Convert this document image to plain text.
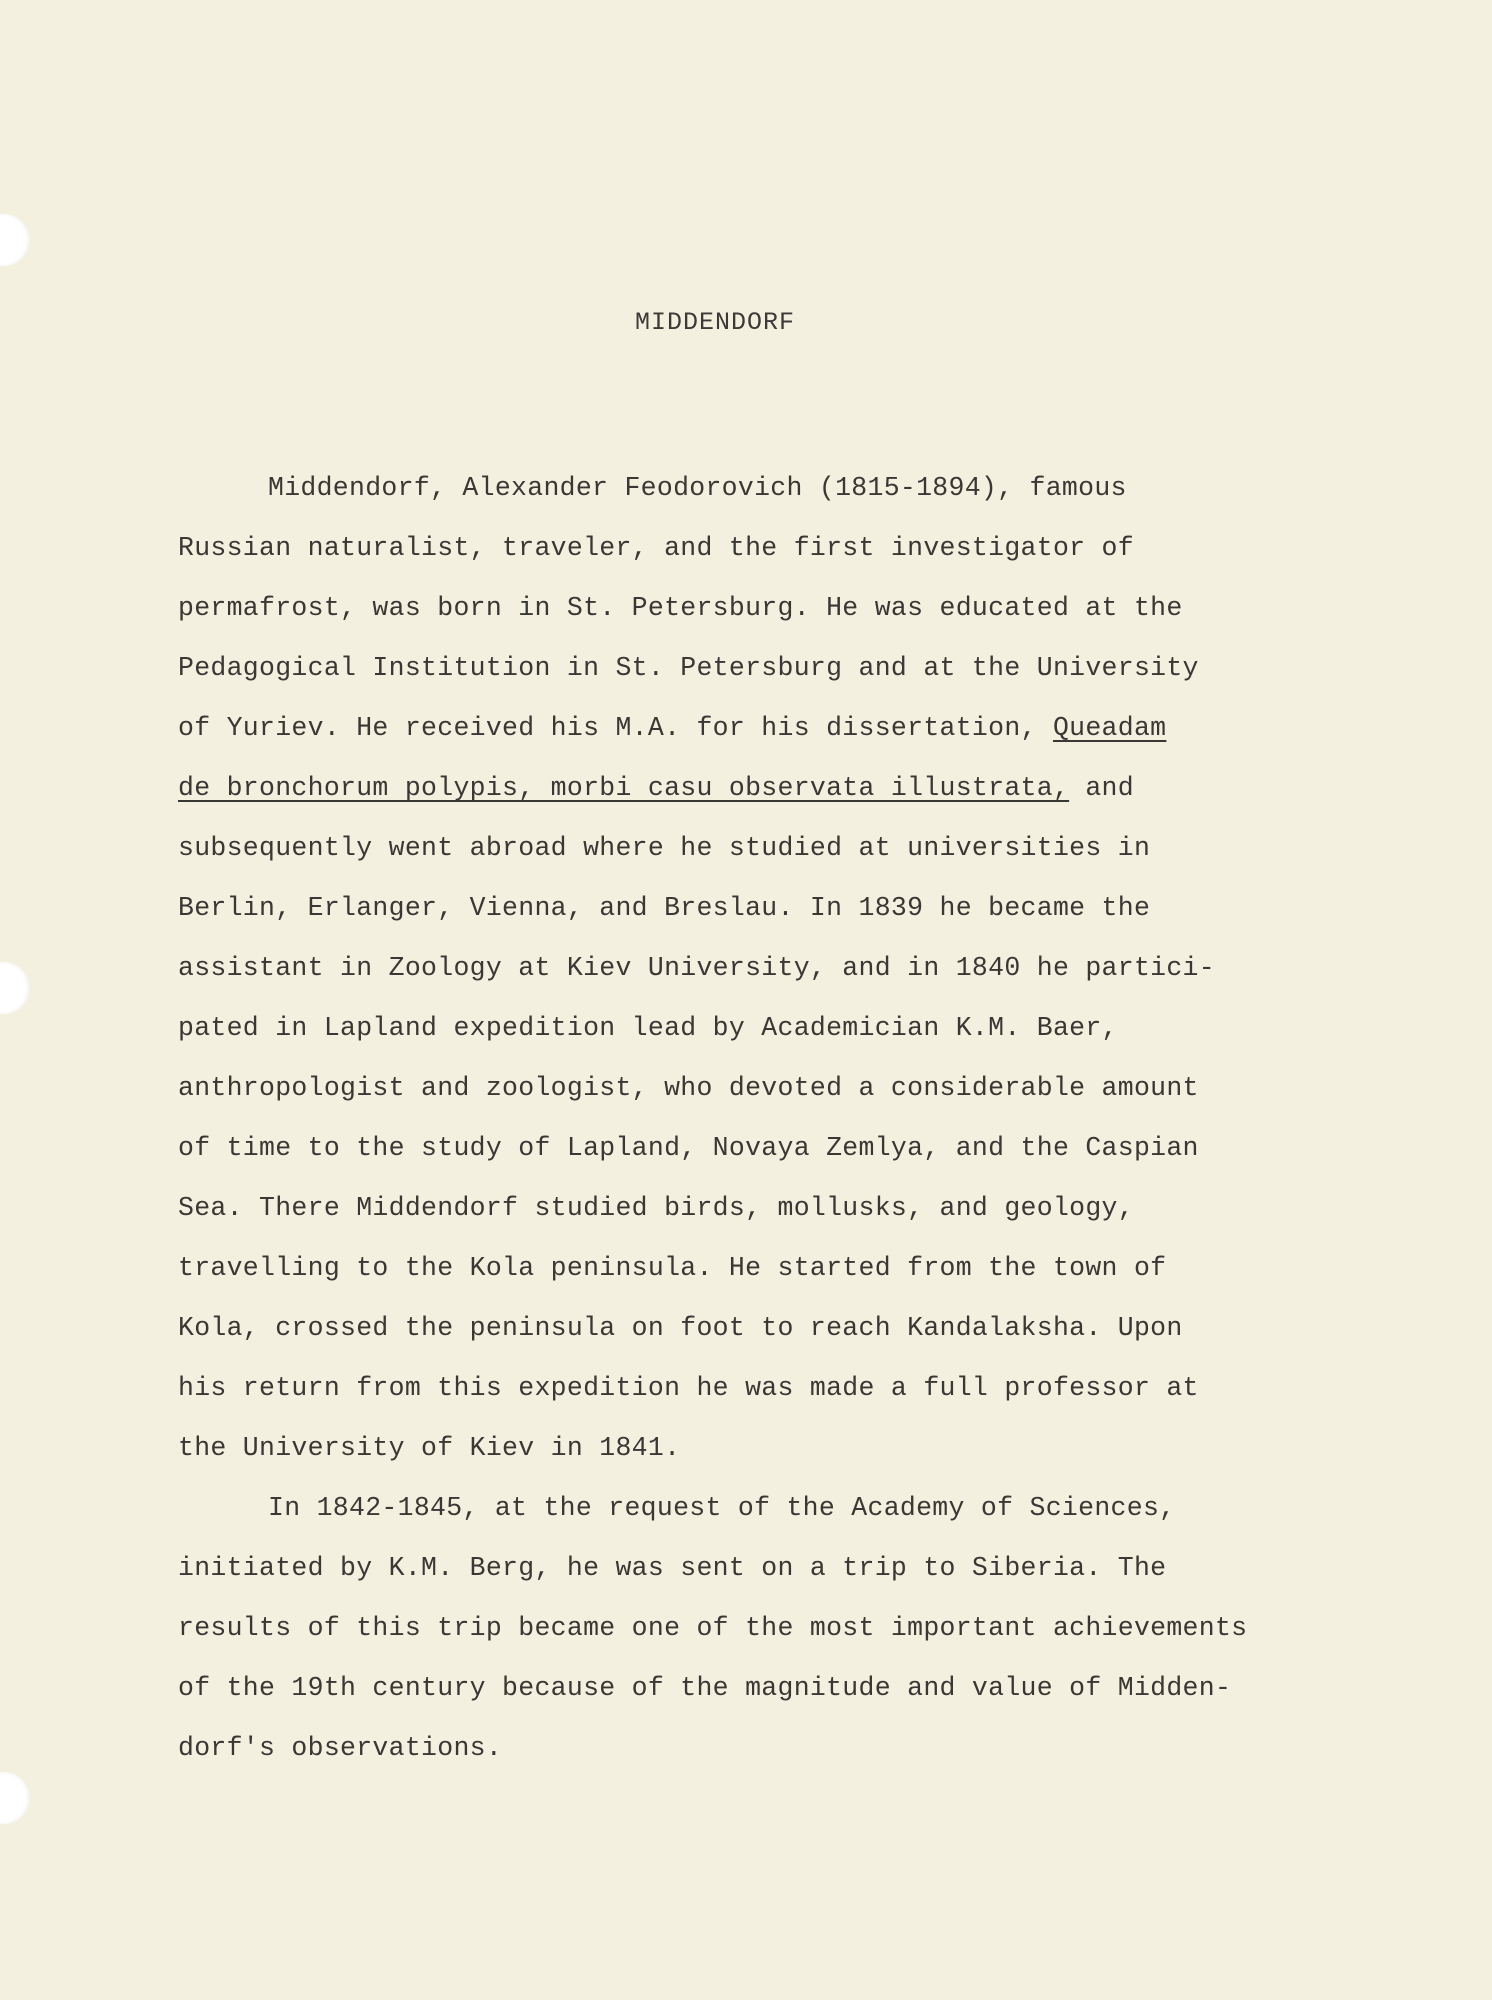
MIDDENDORF
Middendorf, Alexander Feodorovich (1815-1894), famous
Russian naturalist, traveler, and the first investigator of
permafrost, was born in St. Petersburg. He was educated at the
Pedagogical Institution in St. Petersburg and at the University
of Yuriev. He received his M.A. for his dissertation, Queadam
de bronchorum polypis, morbi casu observata illustrata, and
subsequently went abroad where he studied at universities in
Berlin, Erlanger, Vienna, and Breslau. In 1839 he became the
assistant in Zoology at Kiev University, and in 1840 he partici-
pated in Lapland expedition lead by Academician K.M. Baer,
anthropologist and zoologist, who devoted a considerable amount
of time to the study of Lapland, Novaya Zemlya, and the Caspian
Sea. There Middendorf studied birds, mollusks, and geology,
travelling to the Kola peninsula. He started from the town of
Kola, crossed the peninsula on foot to reach Kandalaksha. Upon
his return from this expedition he was made a full professor at
the University of Kiev in 1841.
In 1842-1845, at the request of the Academy of Sciences,
initiated by K.M. Berg, he was sent on a trip to Siberia. The
results of this trip became one of the most important achievements
of the 19th century because of the magnitude and value of Midden-
dorf's observations.
